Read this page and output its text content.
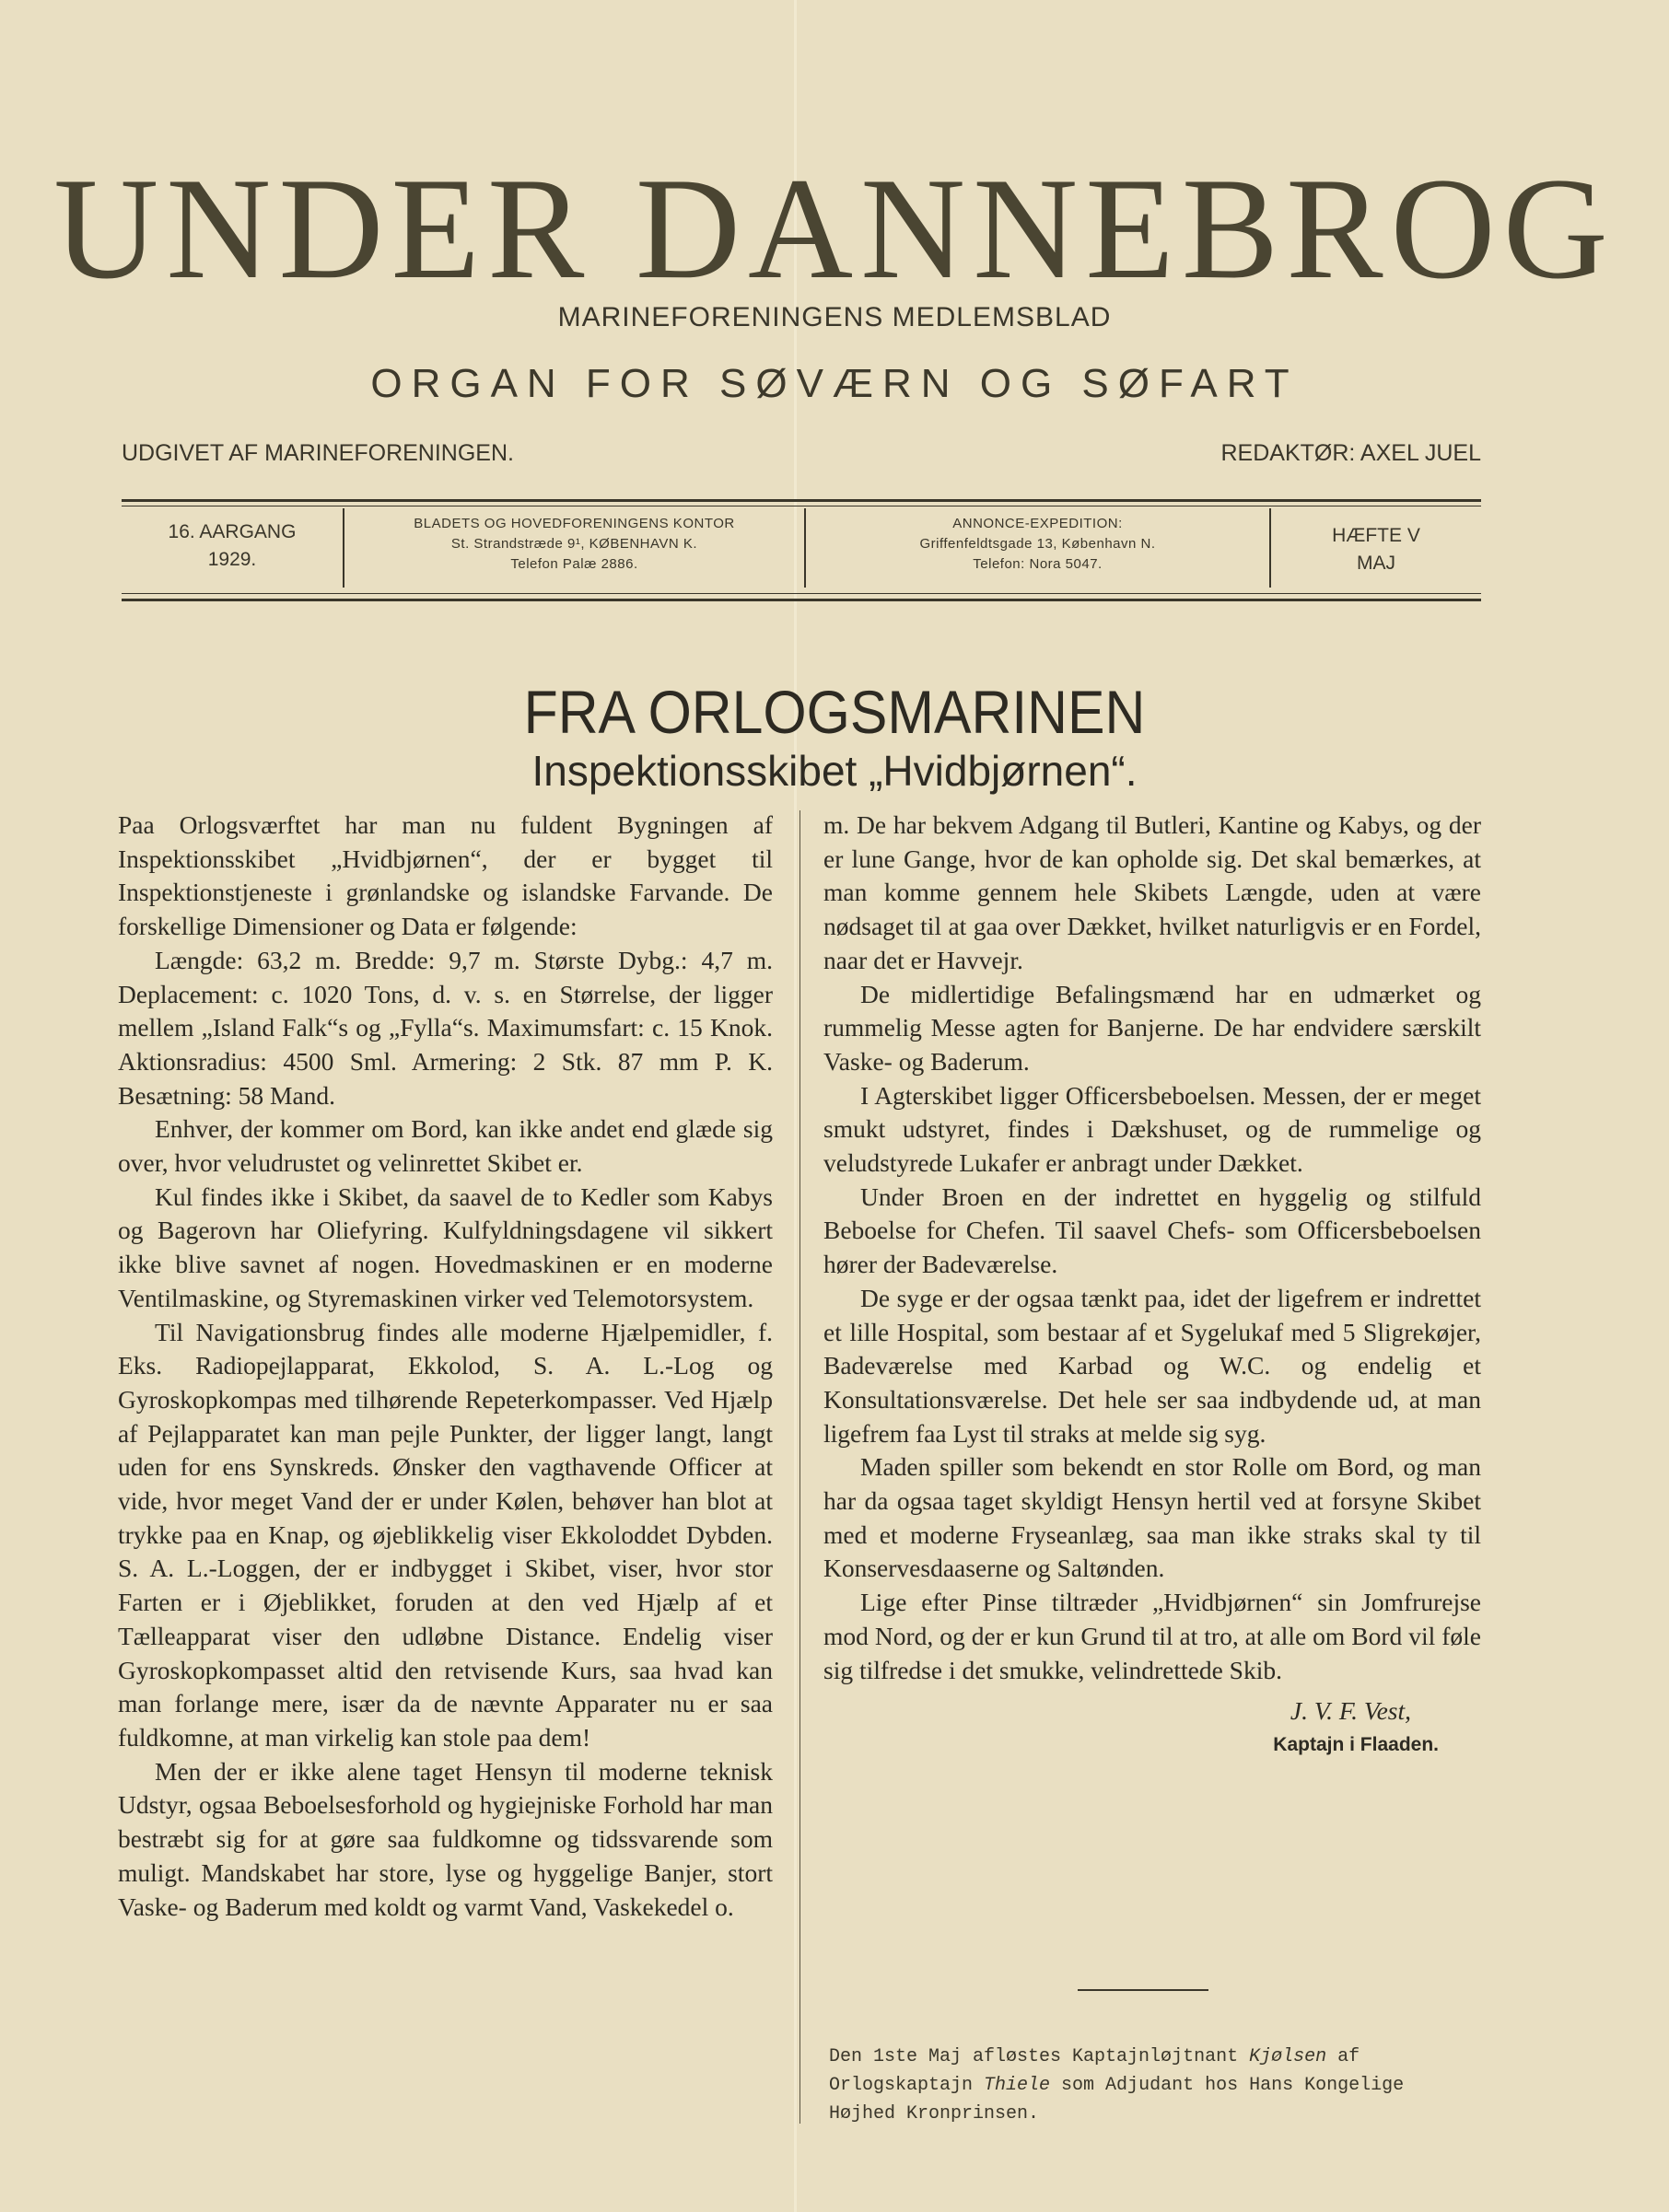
UNDER DANNEBROG
MARINEFORENINGENS MEDLEMSBLAD
ORGAN FOR SØVÆRN OG SØFART
UDGIVET AF MARINEFORENINGEN.	REDAKTØR: AXEL JUEL
16. AARGANG
1929.
BLADETS OG HOVEDFORENINGENS KONTOR
St. Strandstræde 9¹, KØBENHAVN K.
Telefon Palæ 2886.
ANNONCE-EXPEDITION:
Griffenfeldtsgade 13, København N.
Telefon: Nora 5047.
HÆFTE V
MAJ
FRA ORLOGSMARINEN
Inspektionsskibet „Hvidbjørnen“.

Paa Orlogsværftet har man nu fuldent Bygningen af Inspektionsskibet „Hvidbjørnen“, der er bygget til Inspektionstjeneste i grønlandske og islandske Farvande. De forskellige Dimensioner og Data er følgende:

Længde: 63,2 m. Bredde: 9,7 m. Største Dybg.: 4,7 m. Deplacement: c. 1020 Tons, d. v. s. en Størrelse, der ligger mellem „Island Falk“s og „Fylla“s. Maximumsfart: c. 15 Knok. Aktionsradius: 4500 Sml. Armering: 2 Stk. 87 mm P. K. Besætning: 58 Mand.

Enhver, der kommer om Bord, kan ikke andet end glæde sig over, hvor veludrustet og velinrettet Skibet er.

Kul findes ikke i Skibet, da saavel de to Kedler som Kabys og Bagerovn har Oliefyring. Kulfyldningsdagene vil sikkert ikke blive savnet af nogen. Hovedmaskinen er en moderne Ventilmaskine, og Styremaskinen virker ved Telemotorsystem.

Til Navigationsbrug findes alle moderne Hjælpemidler, f. Eks. Radiopejlapparat, Ekkolod, S. A. L.-Log og Gyroskopkompas med tilhørende Repeterkompasser. Ved Hjælp af Pejlapparatet kan man pejle Punkter, der ligger langt, langt uden for ens Synskreds. Ønsker den vagthavende Officer at vide, hvor meget Vand der er under Kølen, behøver han blot at trykke paa en Knap, og øjeblikkelig viser Ekkoloddet Dybden. S. A. L.-Loggen, der er indbygget i Skibet, viser, hvor stor Farten er i Øjeblikket, foruden at den ved Hjælp af et Tælleapparat viser den udløbne Distance. Endelig viser Gyroskopkompasset altid den retvisende Kurs, saa hvad kan man forlange mere, især da de nævnte Apparater nu er saa fuldkomne, at man virkelig kan stole paa dem!

Men der er ikke alene taget Hensyn til moderne teknisk Udstyr, ogsaa Beboelsesforhold og hygiejniske Forhold har man bestræbt sig for at gøre saa fuldkomne og tidssvarende som muligt. Mandskabet har store, lyse og hyggelige Banjer, stort Vaske- og Baderum med koldt og varmt Vand, Vaskekedel o.

m. De har bekvem Adgang til Butleri, Kantine og Kabys, og der er lune Gange, hvor de kan opholde sig. Det skal bemærkes, at man komme gennem hele Skibets Længde, uden at være nødsaget til at gaa over Dækket, hvilket naturligvis er en Fordel, naar det er Havvejr.

De midlertidige Befalingsmænd har en udmærket og rummelig Messe agten for Banjerne. De har endvidere særskilt Vaske- og Baderum.

I Agterskibet ligger Officersbeboelsen. Messen, der er meget smukt udstyret, findes i Dækshuset, og de rummelige og veludstyrede Lukafer er anbragt under Dækket.

Under Broen en der indrettet en hyggelig og stilfuld Beboelse for Chefen. Til saavel Chefs- som Officersbeboelsen hører der Badeværelse.

De syge er der ogsaa tænkt paa, idet der ligefrem er indrettet et lille Hospital, som bestaar af et Sygelukaf med 5 Sligrekøjer, Badeværelse med Karbad og W.C. og endelig et Konsultationsværelse. Det hele ser saa indbydende ud, at man ligefrem faa Lyst til straks at melde sig syg.

Maden spiller som bekendt en stor Rolle om Bord, og man har da ogsaa taget skyldigt Hensyn hertil ved at forsyne Skibet med et moderne Fryseanlæg, saa man ikke straks skal ty til Konservesdaaserne og Saltønden.

Lige efter Pinse tiltræder „Hvidbjørnen“ sin Jomfrurejse mod Nord, og der er kun Grund til at tro, at alle om Bord vil føle sig tilfredse i det smukke, velindrettede Skib.

J. V. F. Vest,
Kaptajn i Flaaden.
Den 1ste Maj afløstes Kaptajnløjtnant Kjølsen af Orlogskaptajn Thiele som Adjudant hos Hans Kongelige Højhed Kronprinsen.
